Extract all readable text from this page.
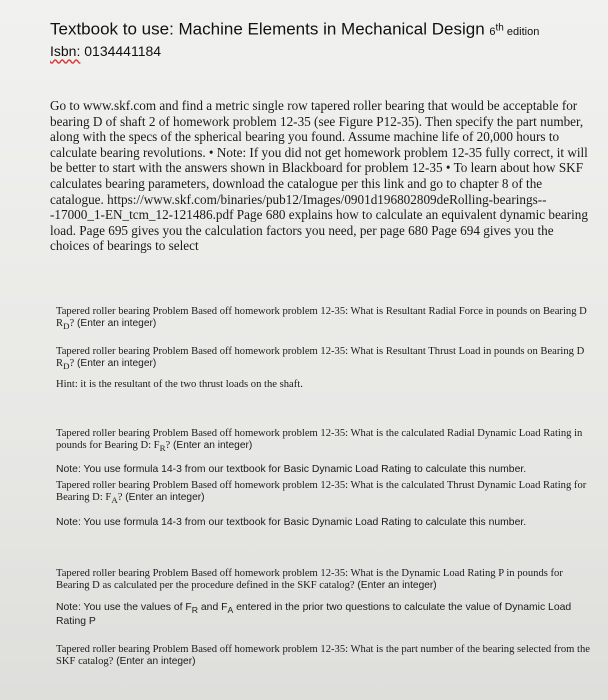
Textbook to use: Machine Elements in Mechanical Design 6th edition
Isbn: 0134441184

Go to www.skf.com and find a metric single row tapered roller bearing that would be acceptable for bearing D of shaft 2 of homework problem 12-35 (see Figure P12-35). Then specify the part number, along with the specs of the spherical bearing you found. Assume machine life of 20,000 hours to calculate bearing revolutions. • Note: If you did not get homework problem 12-35 fully correct, it will be better to start with the answers shown in Blackboard for problem 12-35 • To learn about how SKF calculates bearing parameters, download the catalogue per this link and go to chapter 8 of the catalogue. https://www.skf.com/binaries/pub12/Images/0901d196802809deRolling-bearings---17000_1-EN_tcm_12-121486.pdf Page 680 explains how to calculate an equivalent dynamic bearing load. Page 695 gives you the calculation factors you need, per page 680 Page 694 gives you the choices of bearings to select

Tapered roller bearing Problem Based off homework problem 12-35: What is Resultant Radial Force in pounds on Bearing D $R_D$? (Enter an integer)

Tapered roller bearing Problem Based off homework problem 12-35: What is Resultant Thrust Load in pounds on Bearing D $R_D$? (Enter an integer)

Hint: it is the resultant of the two thrust loads on the shaft.

Tapered roller bearing Problem Based off homework problem 12-35: What is the calculated Radial Dynamic Load Rating in pounds for Bearing D: $F_R$? (Enter an integer)

Note: You use formula 14-3 from our textbook for Basic Dynamic Load Rating to calculate this number.

Tapered roller bearing Problem Based off homework problem 12-35: What is the calculated Thrust Dynamic Load Rating for Bearing D: $F_A$? (Enter an integer)

Note: You use formula 14-3 from our textbook for Basic Dynamic Load Rating to calculate this number.

Tapered roller bearing Problem Based off homework problem 12-35: What is the Dynamic Load Rating P in pounds for Bearing D as calculated per the procedure defined in the SKF catalog? (Enter an integer)

Note: You use the values of $F_R$ and $F_A$ entered in the prior two questions to calculate the value of Dynamic Load Rating P

Tapered roller bearing Problem Based off homework problem 12-35: What is the part number of the bearing selected from the SKF catalog? (Enter an integer)
